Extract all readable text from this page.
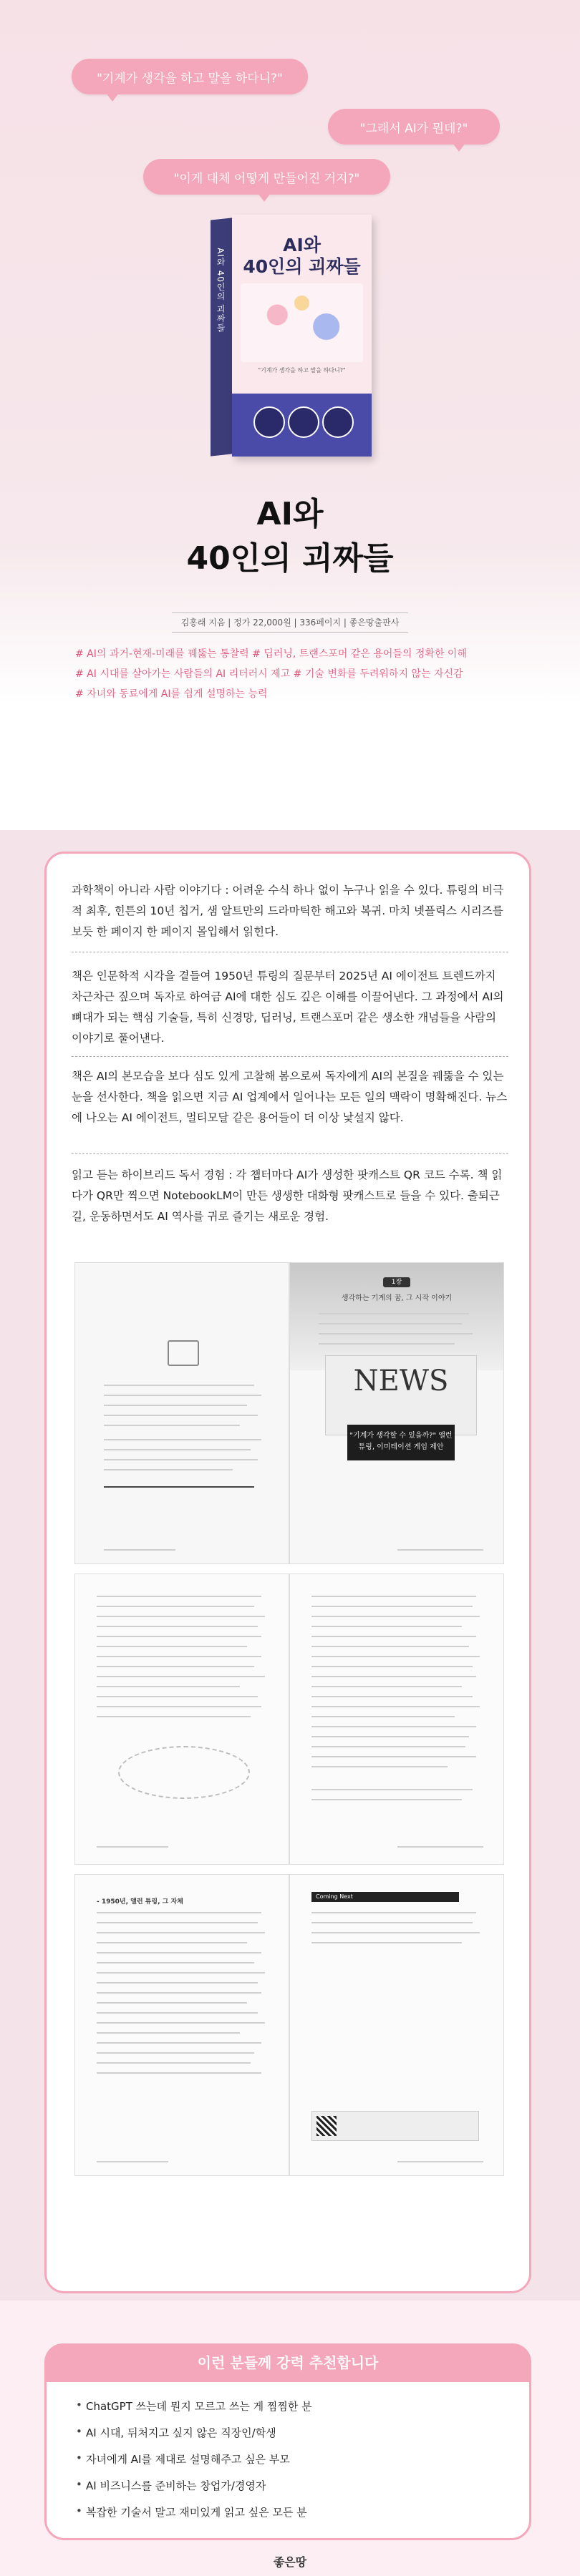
"기계가 생각을 하고 말을 하다니?"
"그래서 AI가 뭔데?"
"이게 대체 어떻게 만들어진 거지?"
AI와 40인의 괴짜들
AI와
40인의 괴짜들
"기계가 생각을 하고 말을 하다니?"
AI와
40인의 괴짜들
김홍래 지음 | 정가 22,000원 | 336페이지 | 좋은땅출판사
# AI의 과거-현재-미래를 꿰뚫는 통찰력 # 딥러닝, 트랜스포머 같은 용어들의 정확한 이해
# AI 시대를 살아가는 사람들의 AI 리터러시 제고 # 기술 변화를 두려워하지 않는 자신감
# 자녀와 동료에게 AI를 쉽게 설명하는 능력
과학책이 아니라 사람 이야기다 : 어려운 수식 하나 없이 누구나 읽을 수 있다. 튜링의 비극적 최후, 힌튼의 10년 칩거, 샘 알트만의 드라마틱한 해고와 복귀. 마치 넷플릭스 시리즈를 보듯 한 페이지 한 페이지 몰입해서 읽힌다.
책은 인문학적 시각을 곁들여 1950년 튜링의 질문부터 2025년 AI 에이전트 트렌드까지 차근차근 짚으며 독자로 하여금 AI에 대한 심도 깊은 이해를 이끌어낸다. 그 과정에서 AI의 뼈대가 되는 핵심 기술들, 특히 신경망, 딥러닝, 트랜스포머 같은 생소한 개념들을 사람의 이야기로 풀어낸다.
책은 AI의 본모습을 보다 심도 있게 고찰해 봄으로써 독자에게 AI의 본질을 꿰뚫을 수 있는 눈을 선사한다. 책을 읽으면 지금 AI 업계에서 일어나는 모든 일의 맥락이 명확해진다. 뉴스에 나오는 AI 에이전트, 멀티모달 같은 용어들이 더 이상 낯설지 않다.
읽고 듣는 하이브리드 독서 경험 : 각 챕터마다 AI가 생성한 팟캐스트 QR 코드 수록. 책 읽다가 QR만 찍으면 NotebookLM이 만든 생생한 대화형 팟캐스트로 들을 수 있다. 출퇴근길, 운동하면서도 AI 역사를 귀로 즐기는 새로운 경험.
1장
생각하는 기계의 꿈, 그 시작 이야기
NEWS
"기계가 생각할 수 있을까?" 앨런 튜링, 이미테이션 게임 제안
- 1950년, 앨런 튜링, 그 자체
Coming Next
이런 분들께 강력 추천합니다
• ChatGPT 쓰는데 뭔지 모르고 쓰는 게 찜찜한 분
• AI 시대, 뒤처지고 싶지 않은 직장인/학생
• 자녀에게 AI를 제대로 설명해주고 싶은 부모
• AI 비즈니스를 준비하는 창업가/경영자
• 복잡한 기술서 말고 재미있게 읽고 싶은 모든 분
좋은땅
